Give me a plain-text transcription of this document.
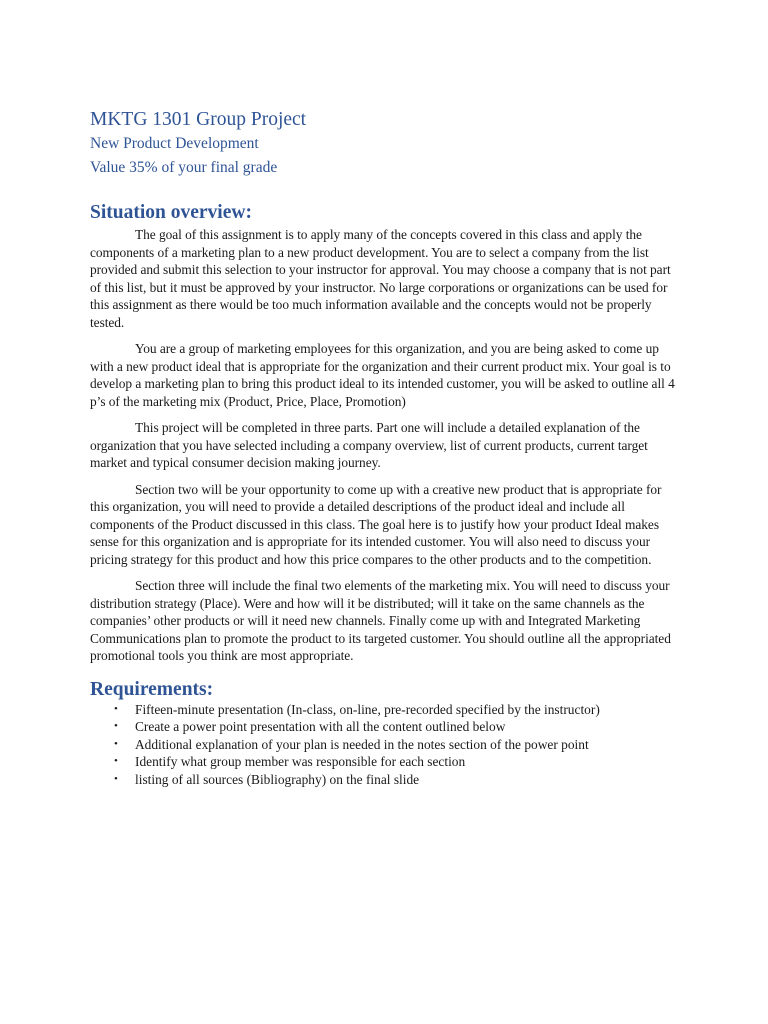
MKTG 1301 Group Project

New Product Development

Value 35% of your final grade

Situation overview:

The goal of this assignment is to apply many of the concepts covered in this class and apply the components of a marketing plan to a new product development. You are to select a company from the list provided and submit this selection to your instructor for approval. You may choose a company that is not part of this list, but it must be approved by your instructor. No large corporations or organizations can be used for this assignment as there would be too much information available and the concepts would not be properly tested.

You are a group of marketing employees for this organization, and you are being asked to come up with a new product ideal that is appropriate for the organization and their current product mix. Your goal is to develop a marketing plan to bring this product ideal to its intended customer, you will be asked to outline all 4 p’s of the marketing mix (Product, Price, Place, Promotion)

This project will be completed in three parts. Part one will include a detailed explanation of the organization that you have selected including a company overview, list of current products, current target market and typical consumer decision making journey.

Section two will be your opportunity to come up with a creative new product that is appropriate for this organization, you will need to provide a detailed descriptions of the product ideal and include all components of the Product discussed in this class. The goal here is to justify how your product Ideal makes sense for this organization and is appropriate for its intended customer. You will also need to discuss your pricing strategy for this product and how this price compares to the other products and to the competition.

Section three will include the final two elements of the marketing mix. You will need to discuss your distribution strategy (Place). Were and how will it be distributed; will it take on the same channels as the companies’ other products or will it need new channels. Finally come up with and Integrated Marketing Communications plan to promote the product to its targeted customer. You should outline all the appropriated promotional tools you think are most appropriate.

Requirements:
• Fifteen-minute presentation (In-class, on-line, pre-recorded specified by the instructor)
• Create a power point presentation with all the content outlined below
• Additional explanation of your plan is needed in the notes section of the power point
• Identify what group member was responsible for each section
• listing of all sources (Bibliography) on the final slide
